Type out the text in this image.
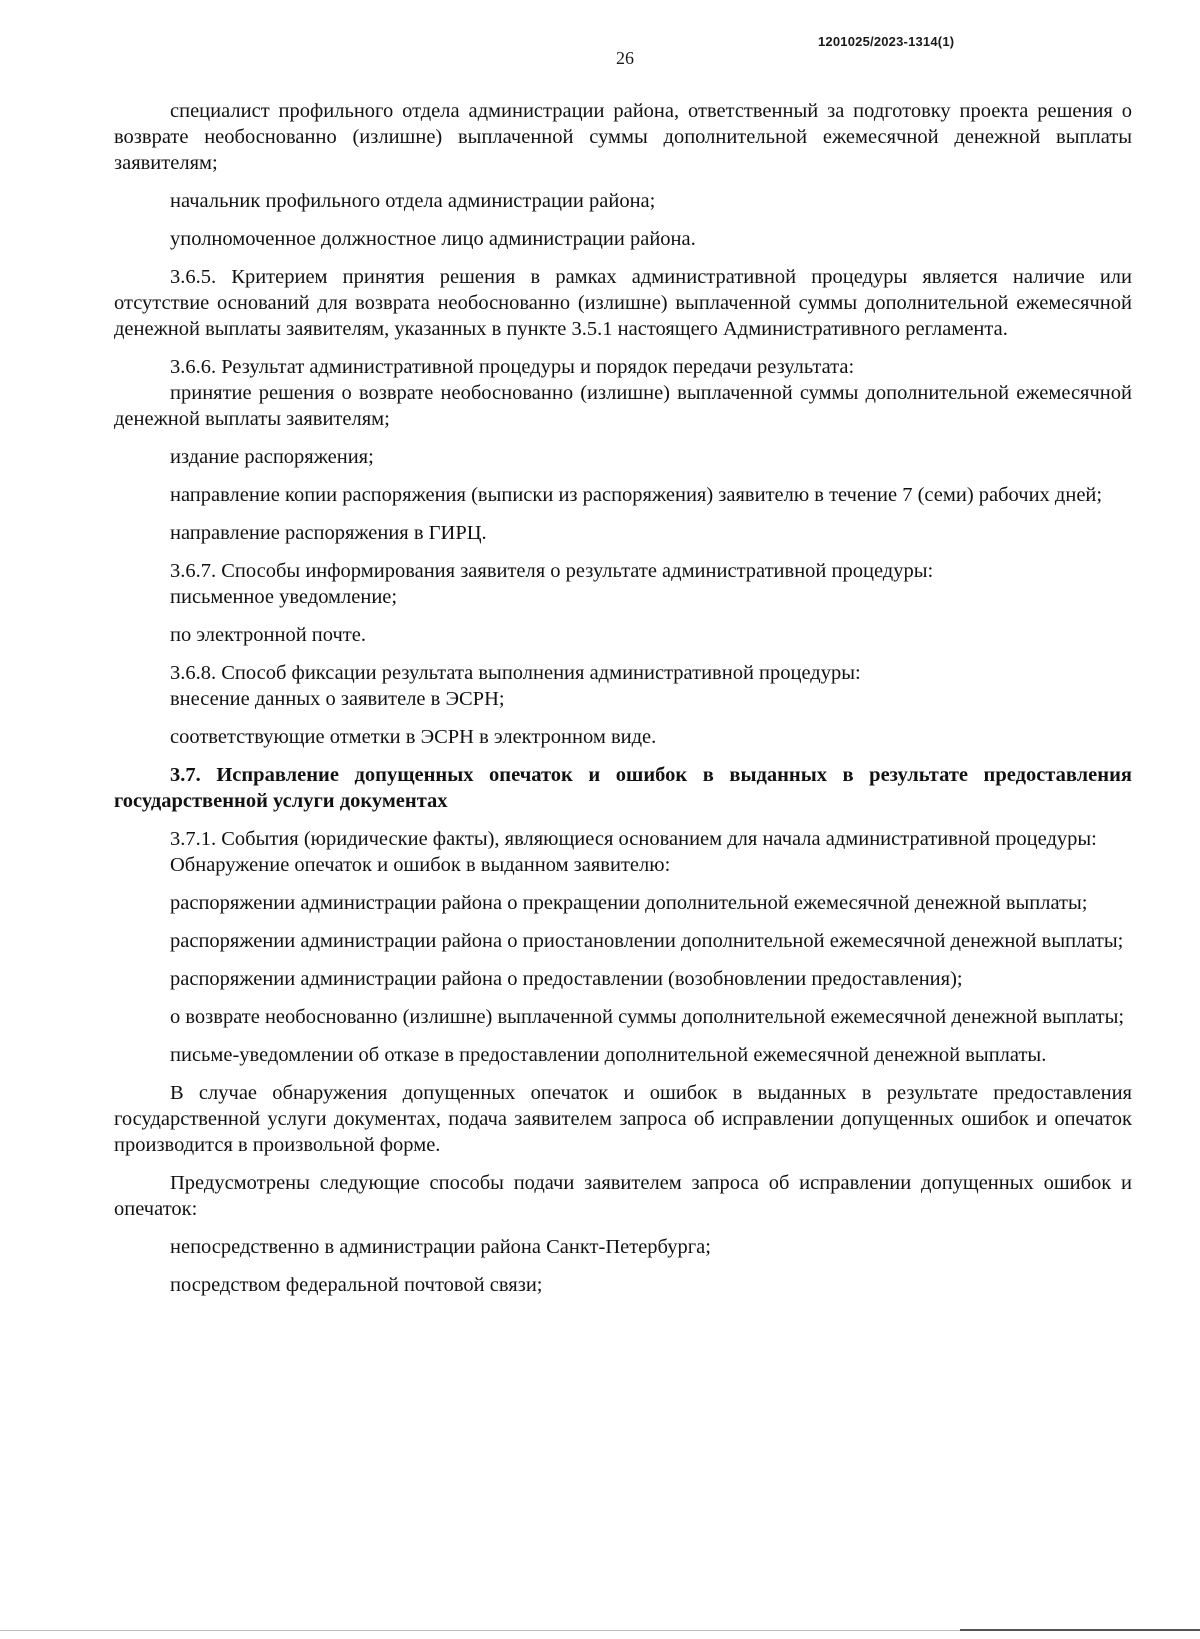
1201025/2023-1314(1)
26

специалист профильного отдела администрации района, ответственный за подготовку проекта решения о возврате необоснованно (излишне) выплаченной суммы дополнительной ежемесячной денежной выплаты заявителям;

начальник профильного отдела администрации района;

уполномоченное должностное лицо администрации района.

3.6.5. Критерием принятия решения в рамках административной процедуры является наличие или отсутствие оснований для возврата необоснованно (излишне) выплаченной суммы дополнительной ежемесячной денежной выплаты заявителям, указанных в пункте 3.5.1 настоящего Административного регламента.

3.6.6. Результат административной процедуры и порядок передачи результата:

принятие решения о возврате необоснованно (излишне) выплаченной суммы дополнительной ежемесячной денежной выплаты заявителям;

издание распоряжения;

направление копии распоряжения (выписки из распоряжения) заявителю в течение 7 (семи) рабочих дней;

направление распоряжения в ГИРЦ.

3.6.7. Способы информирования заявителя о результате административной процедуры:

письменное уведомление;

по электронной почте.

3.6.8. Способ фиксации результата выполнения административной процедуры:

внесение данных о заявителе в ЭСРН;

соответствующие отметки в ЭСРН в электронном виде.

3.7. Исправление допущенных опечаток и ошибок в выданных в результате предоставления государственной услуги документах

3.7.1. События (юридические факты), являющиеся основанием для начала административной процедуры:

Обнаружение опечаток и ошибок в выданном заявителю:

распоряжении администрации района о прекращении дополнительной ежемесячной денежной выплаты;

распоряжении администрации района о приостановлении дополнительной ежемесячной денежной выплаты;

распоряжении администрации района о предоставлении (возобновлении предоставления);

о возврате необоснованно (излишне) выплаченной суммы дополнительной ежемесячной денежной выплаты;

письме-уведомлении об отказе в предоставлении дополнительной ежемесячной денежной выплаты.

В случае обнаружения допущенных опечаток и ошибок в выданных в результате предоставления государственной услуги документах, подача заявителем запроса об исправлении допущенных ошибок и опечаток производится в произвольной форме.

Предусмотрены следующие способы подачи заявителем запроса об исправлении допущенных ошибок и опечаток:

непосредственно в администрации района Санкт-Петербурга;

посредством федеральной почтовой связи;
